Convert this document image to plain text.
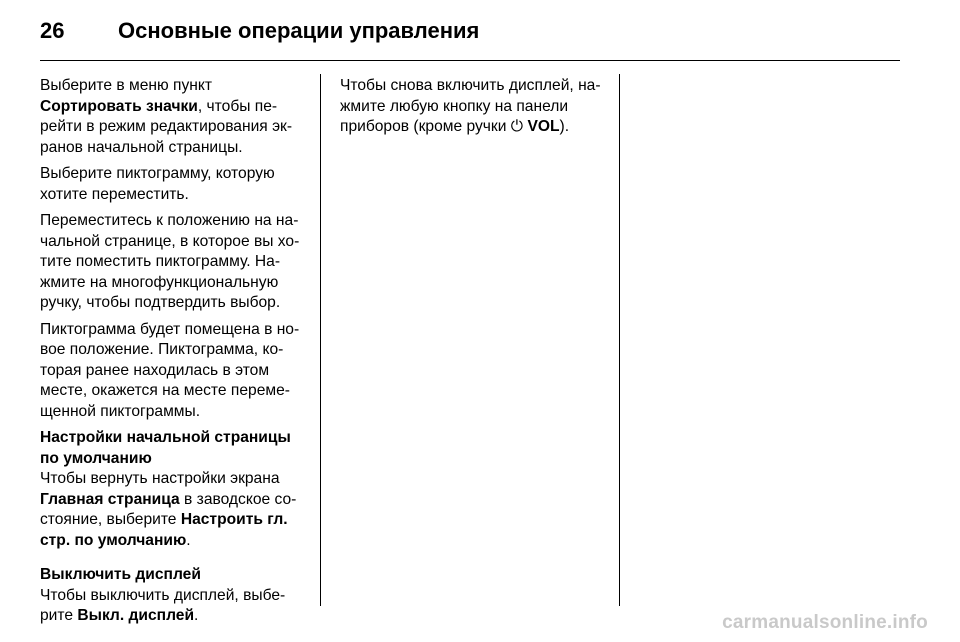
26 Основные операции управления

Выберите в меню пункт
Сортировать значки, чтобы пе-рейти в режим редактирования эк-ранов начальной страницы.

Выберите пиктограмму, которую хотите переместить.

Переместитесь к положению на на-чальной странице, в которое вы хо-тите поместить пиктограмму. На-жмите на многофункциональную ручку, чтобы подтвердить выбор.

Пиктограмма будет помещена в но-вое положение. Пиктограмма, ко-торая ранее находилась в этом месте, окажется на месте переме-щенной пиктограммы.

Настройки начальной страницы по умолчанию
Чтобы вернуть настройки экрана
Главная страница в заводское со-стояние, выберите Настроить гл. стр. по умолчанию.
Выключить дисплей
Чтобы выключить дисплей, выбе-рите Выкл. дисплей.

Чтобы снова включить дисплей, на-жмите любую кнопку на панели приборов (кроме ручки ⏻ VOL).

carmanualsonline.info
